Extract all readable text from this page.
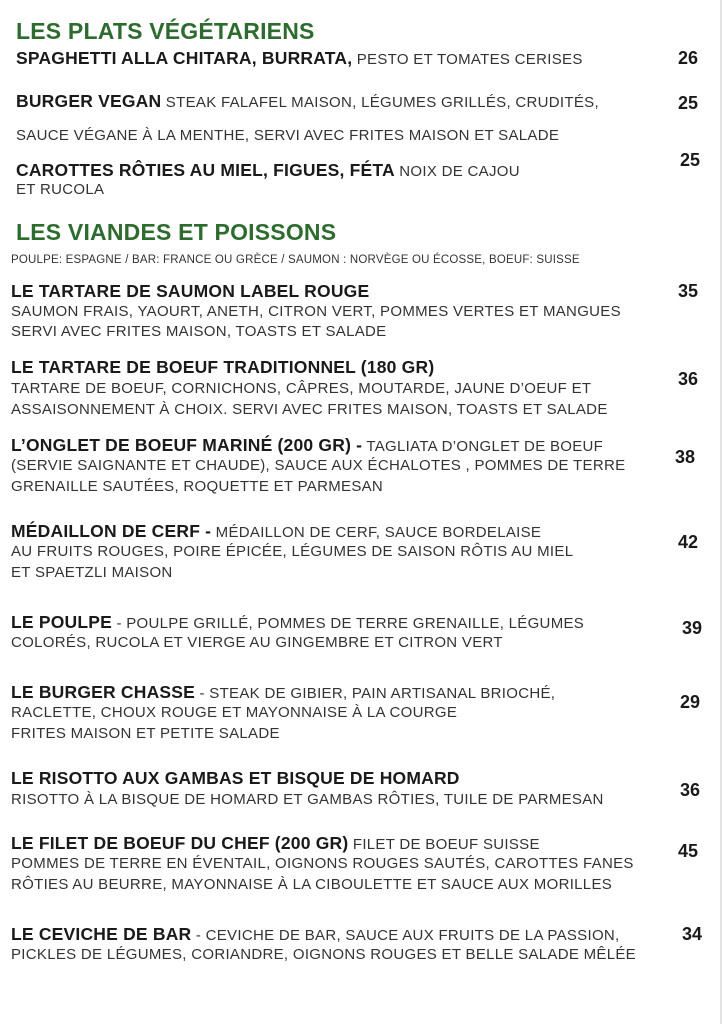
LES PLATS VÉGÉTARIENS
SPAGHETTI ALLA CHITARA, BURRATA, PESTO ET TOMATES CERISES	26
BURGER VEGAN STEAK FALAFEL MAISON, LÉGUMES GRILLÉS, CRUDITÉS,
SAUCE VÉGANE À LA MENTHE, SERVI AVEC FRITES MAISON ET SALADE
25
CAROTTES RÔTIES AU MIEL, FIGUES, FÉTA NOIX DE CAJOU
ET RUCOLA
25
LES VIANDES ET POISSONS
POULPE: ESPAGNE / BAR: FRANCE OU GRÈCE / SAUMON : NORVÈGE OU ÉCOSSE, BOEUF: SUISSE
LE TARTARE DE SAUMON LABEL ROUGE
SAUMON FRAIS, YAOURT, ANETH, CITRON VERT, POMMES VERTES ET MANGUES
SERVI AVEC FRITES MAISON, TOASTS ET SALADE
35
LE TARTARE DE BOEUF TRADITIONNEL (180 GR)
TARTARE DE BOEUF, CORNICHONS, CÂPRES, MOUTARDE, JAUNE D’OEUF ET
ASSAISONNEMENT À CHOIX. SERVI AVEC FRITES MAISON, TOASTS ET SALADE
36
L’ONGLET DE BOEUF MARINÉ (200 GR) - TAGLIATA D’ONGLET DE BOEUF
(SERVIE SAIGNANTE ET CHAUDE), SAUCE AUX ÉCHALOTES , POMMES DE TERRE
GRENAILLE SAUTÉES, ROQUETTE ET PARMESAN
38
MÉDAILLON DE CERF - MÉDAILLON DE CERF, SAUCE BORDELAISE
AU FRUITS ROUGES, POIRE ÉPICÉE, LÉGUMES DE SAISON RÔTIS AU MIEL
ET SPAETZLI MAISON
42
LE POULPE - POULPE GRILLÉ, POMMES DE TERRE GRENAILLE, LÉGUMES
COLORÉS, RUCOLA ET VIERGE AU GINGEMBRE ET CITRON VERT
39
LE BURGER CHASSE - STEAK DE GIBIER, PAIN ARTISANAL BRIOCHÉ,
RACLETTE, CHOUX ROUGE ET MAYONNAISE À LA COURGE
FRITES MAISON ET PETITE SALADE
29
LE RISOTTO AUX GAMBAS ET BISQUE DE HOMARD
RISOTTO À LA BISQUE DE HOMARD ET GAMBAS RÔTIES, TUILE DE PARMESAN	36
LE FILET DE BOEUF DU CHEF (200 GR) FILET DE BOEUF SUISSE
POMMES DE TERRE EN ÉVENTAIL, OIGNONS ROUGES SAUTÉS, CAROTTES FANES
RÔTIES AU BEURRE, MAYONNAISE À LA CIBOULETTE ET SAUCE AUX MORILLES
45
LE CEVICHE DE BAR - CEVICHE DE BAR, SAUCE AUX FRUITS DE LA PASSION,
PICKLES DE LÉGUMES, CORIANDRE, OIGNONS ROUGES ET BELLE SALADE MÊLÉE
34
